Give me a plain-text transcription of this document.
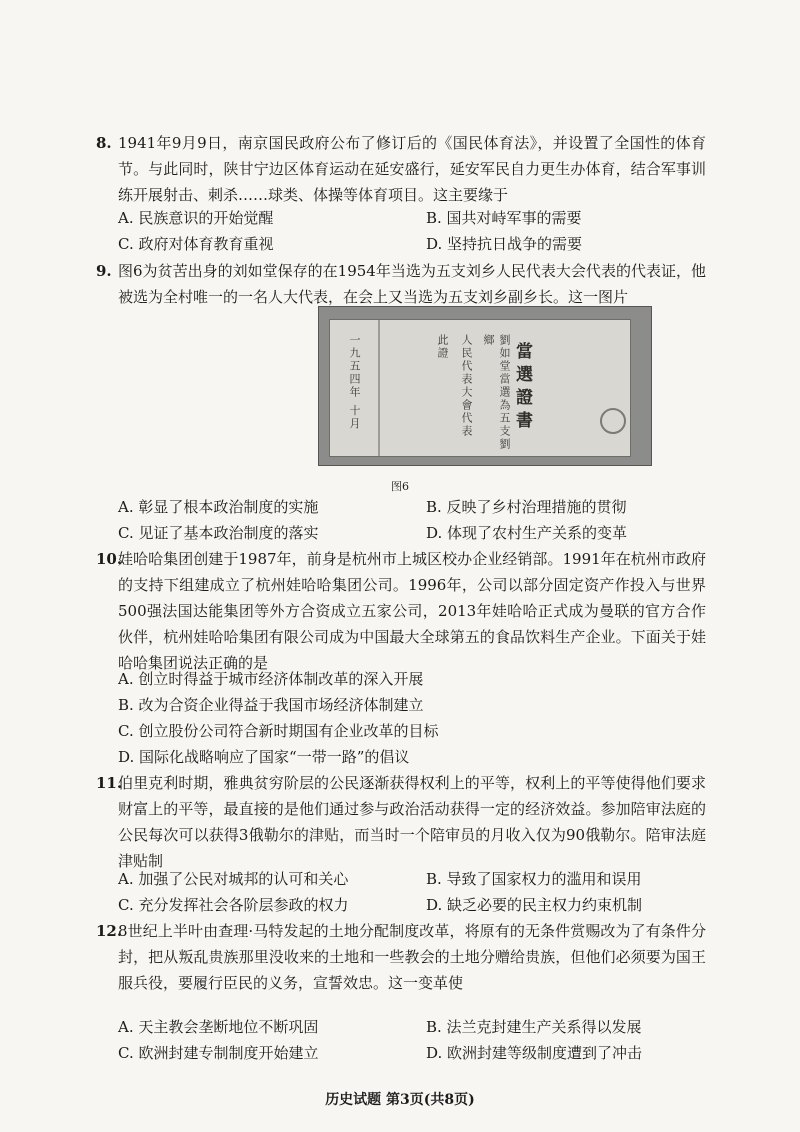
8. 1941年9月9日，南京国民政府公布了修订后的《国民体育法》，并设置了全国性的体育节。与此同时，陕甘宁边区体育运动在延安盛行，延安军民自力更生办体育，结合军事训练开展射击、刺杀……球类、体操等体育项目。这主要缘于

A. 民族意识的开始觉醒	B. 国共对峙军事的需要
C. 政府对体育教育重视	D. 坚持抗日战争的需要
9. 图6为贫苦出身的刘如堂保存的在1954年当选为五支刘乡人民代表大会代表的代表证，他被选为全村唯一的一名人大代表，在会上又当选为五支刘乡副乡长。这一图片

一九五四年 十月	此證 人民代表大會代表	劉如堂當選為五支劉鄉
當選證書
图6
A. 彰显了根本政治制度的实施	B. 反映了乡村治理措施的贯彻
C. 见证了基本政治制度的落实	D. 体现了农村生产关系的变革
10.

娃哈哈集团创建于1987年，前身是杭州市上城区校办企业经销部。1991年在杭州市政府的支持下组建成立了杭州娃哈哈集团公司。1996年，公司以部分固定资产作投入与世界500强法国达能集团等外方合资成立五家公司，2013年娃哈哈正式成为曼联的官方合作伙伴，杭州娃哈哈集团有限公司成为中国最大全球第五的食品饮料生产企业。下面关于娃哈哈集团说法正确的是

A. 创立时得益于城市经济体制改革的深入开展
B. 改为合资企业得益于我国市场经济体制建立
C. 创立股份公司符合新时期国有企业改革的目标
D. 国际化战略响应了国家“一带一路”的倡议
11.

伯里克利时期，雅典贫穷阶层的公民逐渐获得权利上的平等，权利上的平等使得他们要求财富上的平等，最直接的是他们通过参与政治活动获得一定的经济效益。参加陪审法庭的公民每次可以获得3俄勒尔的津贴，而当时一个陪审员的月收入仅为90俄勒尔。陪审法庭津贴制

A. 加强了公民对城邦的认可和关心	B. 导致了国家权力的滥用和误用
C. 充分发挥社会各阶层参政的权力	D. 缺乏必要的民主权力约束机制
12.

8世纪上半叶由查理·马特发起的土地分配制度改革，将原有的无条件赏赐改为了有条件分封，把从叛乱贵族那里没收来的土地和一些教会的土地分赠给贵族，但他们必须要为国王服兵役，要履行臣民的义务，宣誓效忠。这一变革使

A. 天主教会垄断地位不断巩固	B. 法兰克封建生产关系得以发展
C. 欧洲封建专制制度开始建立	D. 欧洲封建等级制度遭到了冲击
历史试题 第3页(共8页)
